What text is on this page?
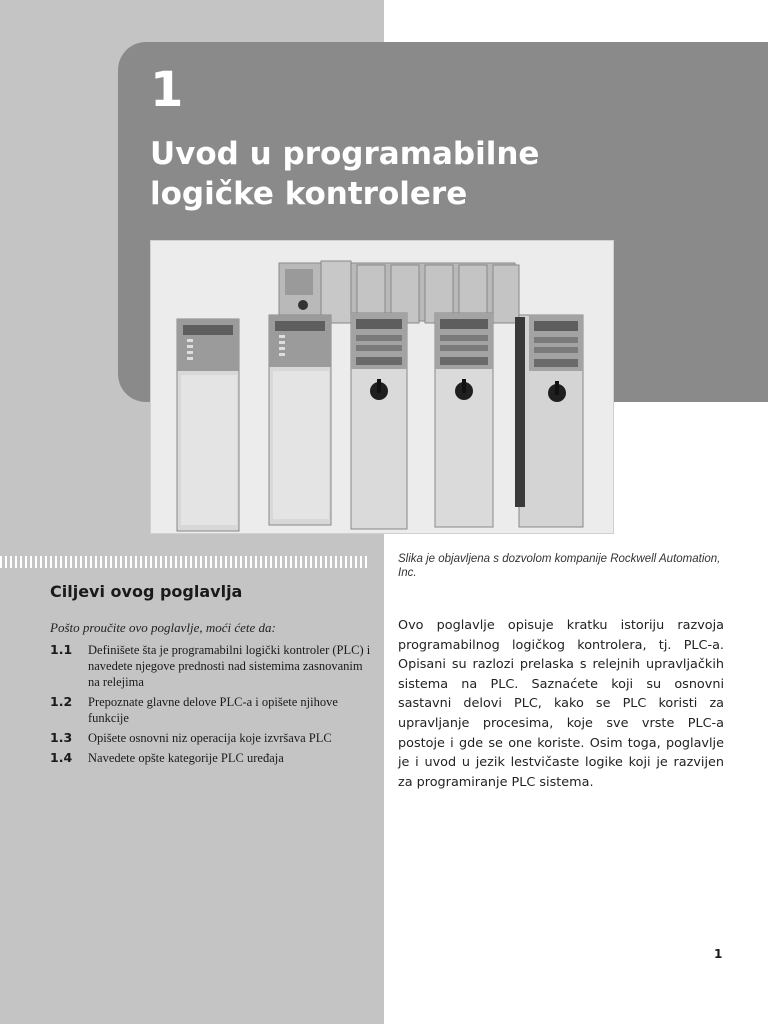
1
Uvod u programabilne logičke kontrolere
Slika je objavljena s dozvolom kompanije Rockwell Automation, Inc.
Ciljevi ovog poglavlja
Pošto proučite ovo poglavlje, moći ćete da:
1.1	Definišete šta je programabilni logički kontroler (PLC) i navedete njegove prednosti nad sistemima zasnovanim na relejima
1.2	Prepoznate glavne delove PLC-a i opišete njihove funkcije
1.3	Opišete osnovni niz operacija koje izvršava PLC
1.4	Navedete opšte kategorije PLC uređaja

Ovo poglavlje opisuje kratku istoriju razvoja programabilnog logičkog kontrolera, tj. PLC-a. Opisani su razlozi prelaska s relejnih upravljačkih sistema na PLC. Saznaćete koji su osnovni sastavni delovi PLC, kako se PLC koristi za upravljanje procesima, koje sve vrste PLC-a postoje i gde se one koriste. Osim toga, poglavlje je i uvod u jezik lestvičaste logike koji je razvijen za programiranje PLC sistema.

1
